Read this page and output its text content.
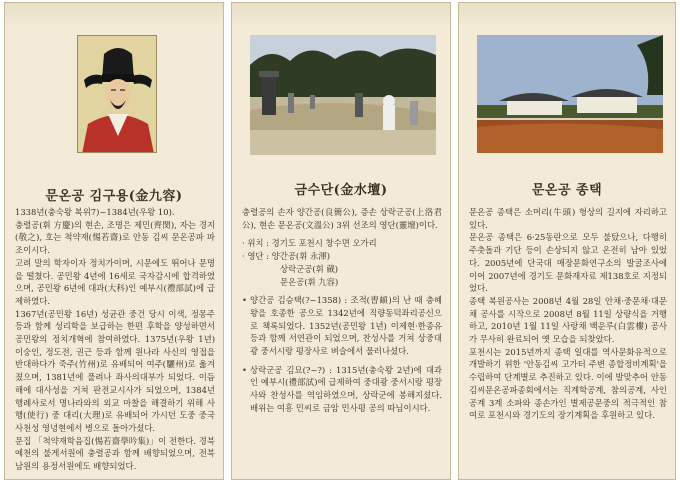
문온공 김구용(金九容)

1338년(충숙왕 복위7)~1384년(우왕 10).

충렬공(휘 方慶)의 현손, 조명은 제민(齊閔), 자는 경지(敬之), 호는 척약재(惕若齋)로 안동 김씨 문온공파 파조이시다.

고려 말의 학자이자 정치가이며, 시문에도 뛰어나 문명을 떨쳤다. 공민왕 4년에 16세로 국자감시에 합격하였으며, 공민왕 6년에 대과(大科)인 예부시(禮部試)에 급제하였다.

1367년(공민왕 16년) 성균관 중건 당시 이색, 정몽주 등과 함께 성리학을 보급하는 한편 후학을 양성하면서 공민왕의 정치개혁에 참여하였다. 1375년(우왕 1년) 이숭인, 정도전, 권근 등과 함께 원나라 사신의 영접을 반대하다가 죽주(竹州)로 유배되어 여주(驪州)로 옮겨졌으며, 1381년에 풀려나 좌사의대부가 되었다. 이듬해에 대사성을 거쳐 판전교시사가 되었으며, 1384년 행례사로서 명나라와의 외교 마찰을 해결하기 위해 사행(使行) 중 대리(大理)로 유배되어 가시던 도중 중국 사천성 영녕현에서 병으로 돌아가셨다.

문집 「척약재학음집(惕若齋學吟集)」이 전한다. 경북 예천의 불게서원에 충렬공과 함께 배향되었으며, 전북 남원의 용정서원에도 배향되었다.

금수단(金水壇)

충렬공의 손자 양간공(良簡公), 증손 상락군공(上洛君公), 현손 문온공(文溫公) 3위 선조의 영단(靈壇)이다.

· 위치 : 경기도 포천시 창수면 오가리

· 영단 : 양간공(휘 永渾)

상락군공(휘 蕆)

문온공(휘 九容)

• 양간공 김승택(?~1358) : 조적(曺頔)의 난 때 충혜왕을 호종한 공으로 1342년에 직량동덕좌리공신으로 책록되었다. 1352년(공민왕 1년) 이제현·한종유 등과 함께 서연관이 되었으며, 찬성사를 거쳐 상중대광 중서시랑 평장사로 벼슬에서 물러나셨다.
• 상락군공 김묘(?~?) : 1315년(충숙왕 2년)에 대과인 예부시(禮部試)에 급제하여 중대광 중서시랑 평장사와 찬성사를 역임하였으며, 상락군에 봉해지셨다. 배위는 여흥 민씨로 금암 민사평 공의 따님이시다.
문온공 종택

문온공 종택은 소머리(牛頭) 형상의 길지에 자리하고 있다.

문온공 종택은 6·25동란으로 모두 불탔으나, 다행히 주춧돌과 기단 등이 손상되지 않고 온전히 남아 있었다. 2005년에 단국대 매장문화연구소의 발굴조사에 이어 2007년에 경기도 문화재자료 제138호로 지정되었다.

종택 복원공사는 2008년 4월 28일 안채·중문채·대문채 공사를 시작으로 2008년 8월 11일 상량식을 거행하고, 2010년 1월 11일 사랑채 백운루(白雲樓) 공사가 무사히 완료되어 옛 모습을 되찾았다.

포천시는 2015년까지 종택 일대를 역사문화유적으로 개발하기 위한 '안동김씨 고가터 주변 종합정비계획'을 수립하여 단계별로 추진하고 있다. 이에 발맞추어 안동김씨문온공파종회에서는 직계학공계, 참의공계, 사인공계 3계 소파와 종손가인 별제공문중의 적극적인 참여로 포천시와 경기도의 장기계획을 후원하고 있다.
